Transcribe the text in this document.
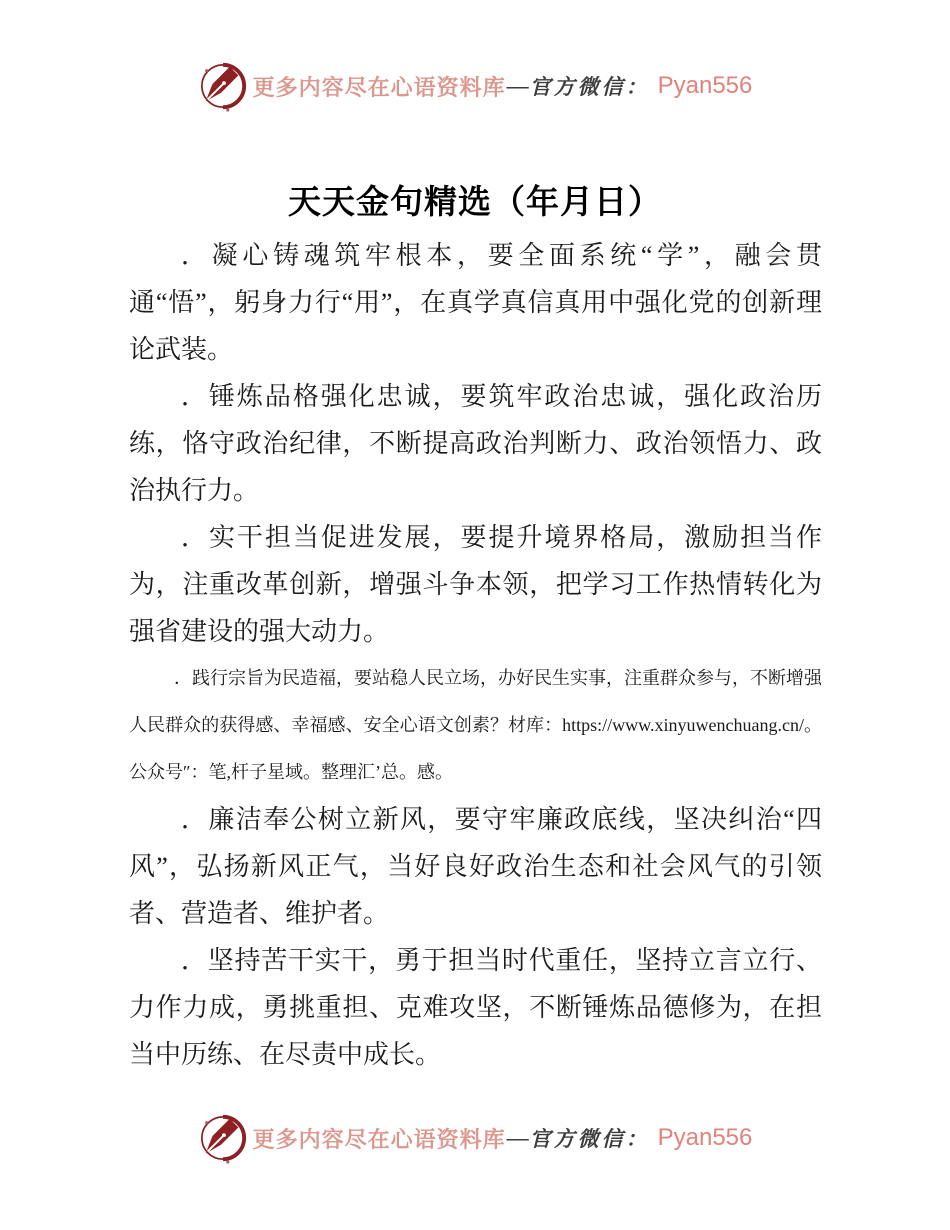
更多内容尽在心语资料库 — 官方微信： Pyan556
天天金句精选（年月日）

．凝心铸魂筑牢根本，要全面系统“学”，融会贯通“悟”，躬身力行“用”，在真学真信真用中强化党的创新理论武装。

．锤炼品格强化忠诚，要筑牢政治忠诚，强化政治历练，恪守政治纪律，不断提高政治判断力、政治领悟力、政治执行力。

．实干担当促进发展，要提升境界格局，激励担当作为，注重改革创新，增强斗争本领，把学习工作热情转化为强省建设的强大动力。

．践行宗旨为民造福，要站稳人民立场，办好民生实事，注重群众参与，不断增强人民群众的获得感、幸福感、安全心语文创素？材库：https://www.xinyuwenchuang.cn/。公众号″：笔,杆子星域。整理汇’总。感。

．廉洁奉公树立新风，要守牢廉政底线，坚决纠治“四风”，弘扬新风正气，当好良好政治生态和社会风气的引领者、营造者、维护者。

．坚持苦干实干，勇于担当时代重任，坚持立言立行、力作力成，勇挑重担、克难攻坚，不断锤炼品德修为，在担当中历练、在尽责中成长。

更多内容尽在心语资料库 — 官方微信： Pyan556
